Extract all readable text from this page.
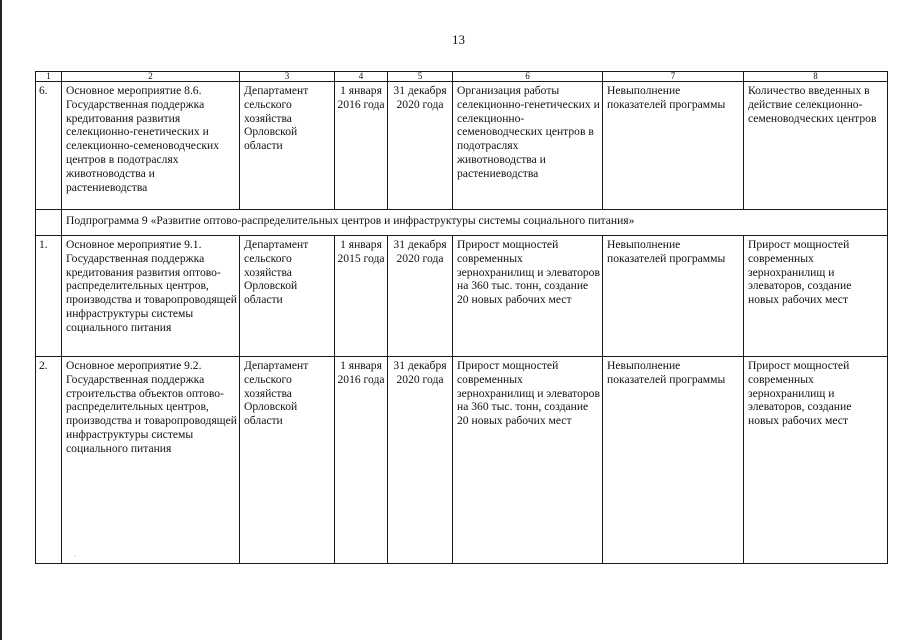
13
1	2	3	4	5	6	7	8
6.	Основное мероприятие 8.6. Государственная поддержка кредитования развития селекционно-генетических и селекционно-семеноводческих центров в подотраслях животноводства и растениеводства	Департамент сельского хозяйства Орловской области	1 января 2016 года	31 декабря 2020 года	Организация работы селекционно-генетических и селекционно-семеноводческих центров в подотраслях животноводства и растениеводства	Невыполнение показателей программы	Количество введенных в действие селекционно-семеноводческих центров
	Подпрограмма 9 «Развитие оптово-распределительных центров и инфраструктуры системы социального питания»						
1.	Основное мероприятие 9.1. Государственная поддержка кредитования развития оптово-распределительных центров, производства и товаропроводящей инфраструктуры системы социального питания	Департамент сельского хозяйства Орловской области	1 января 2015 года	31 декабря 2020 года	Прирост мощностей современных зернохранилищ и элеваторов на 360 тыс. тонн, создание 20 новых рабочих мест	Невыполнение показателей программы	Прирост мощностей современных зернохранилищ и элеваторов, создание новых рабочих мест
2.	Основное мероприятие 9.2. Государственная поддержка строительства объектов оптово-распределительных центров, производства и товаропроводящей инфраструктуры системы социального питания	Департамент сельского хозяйства Орловской области	1 января 2016 года	31 декабря 2020 года	Прирост мощностей современных зернохранилищ и элеваторов на 360 тыс. тонн, создание 20 новых рабочих мест	Невыполнение показателей программы	Прирост мощностей современных зернохранилищ и элеваторов, создание новых рабочих мест
·
